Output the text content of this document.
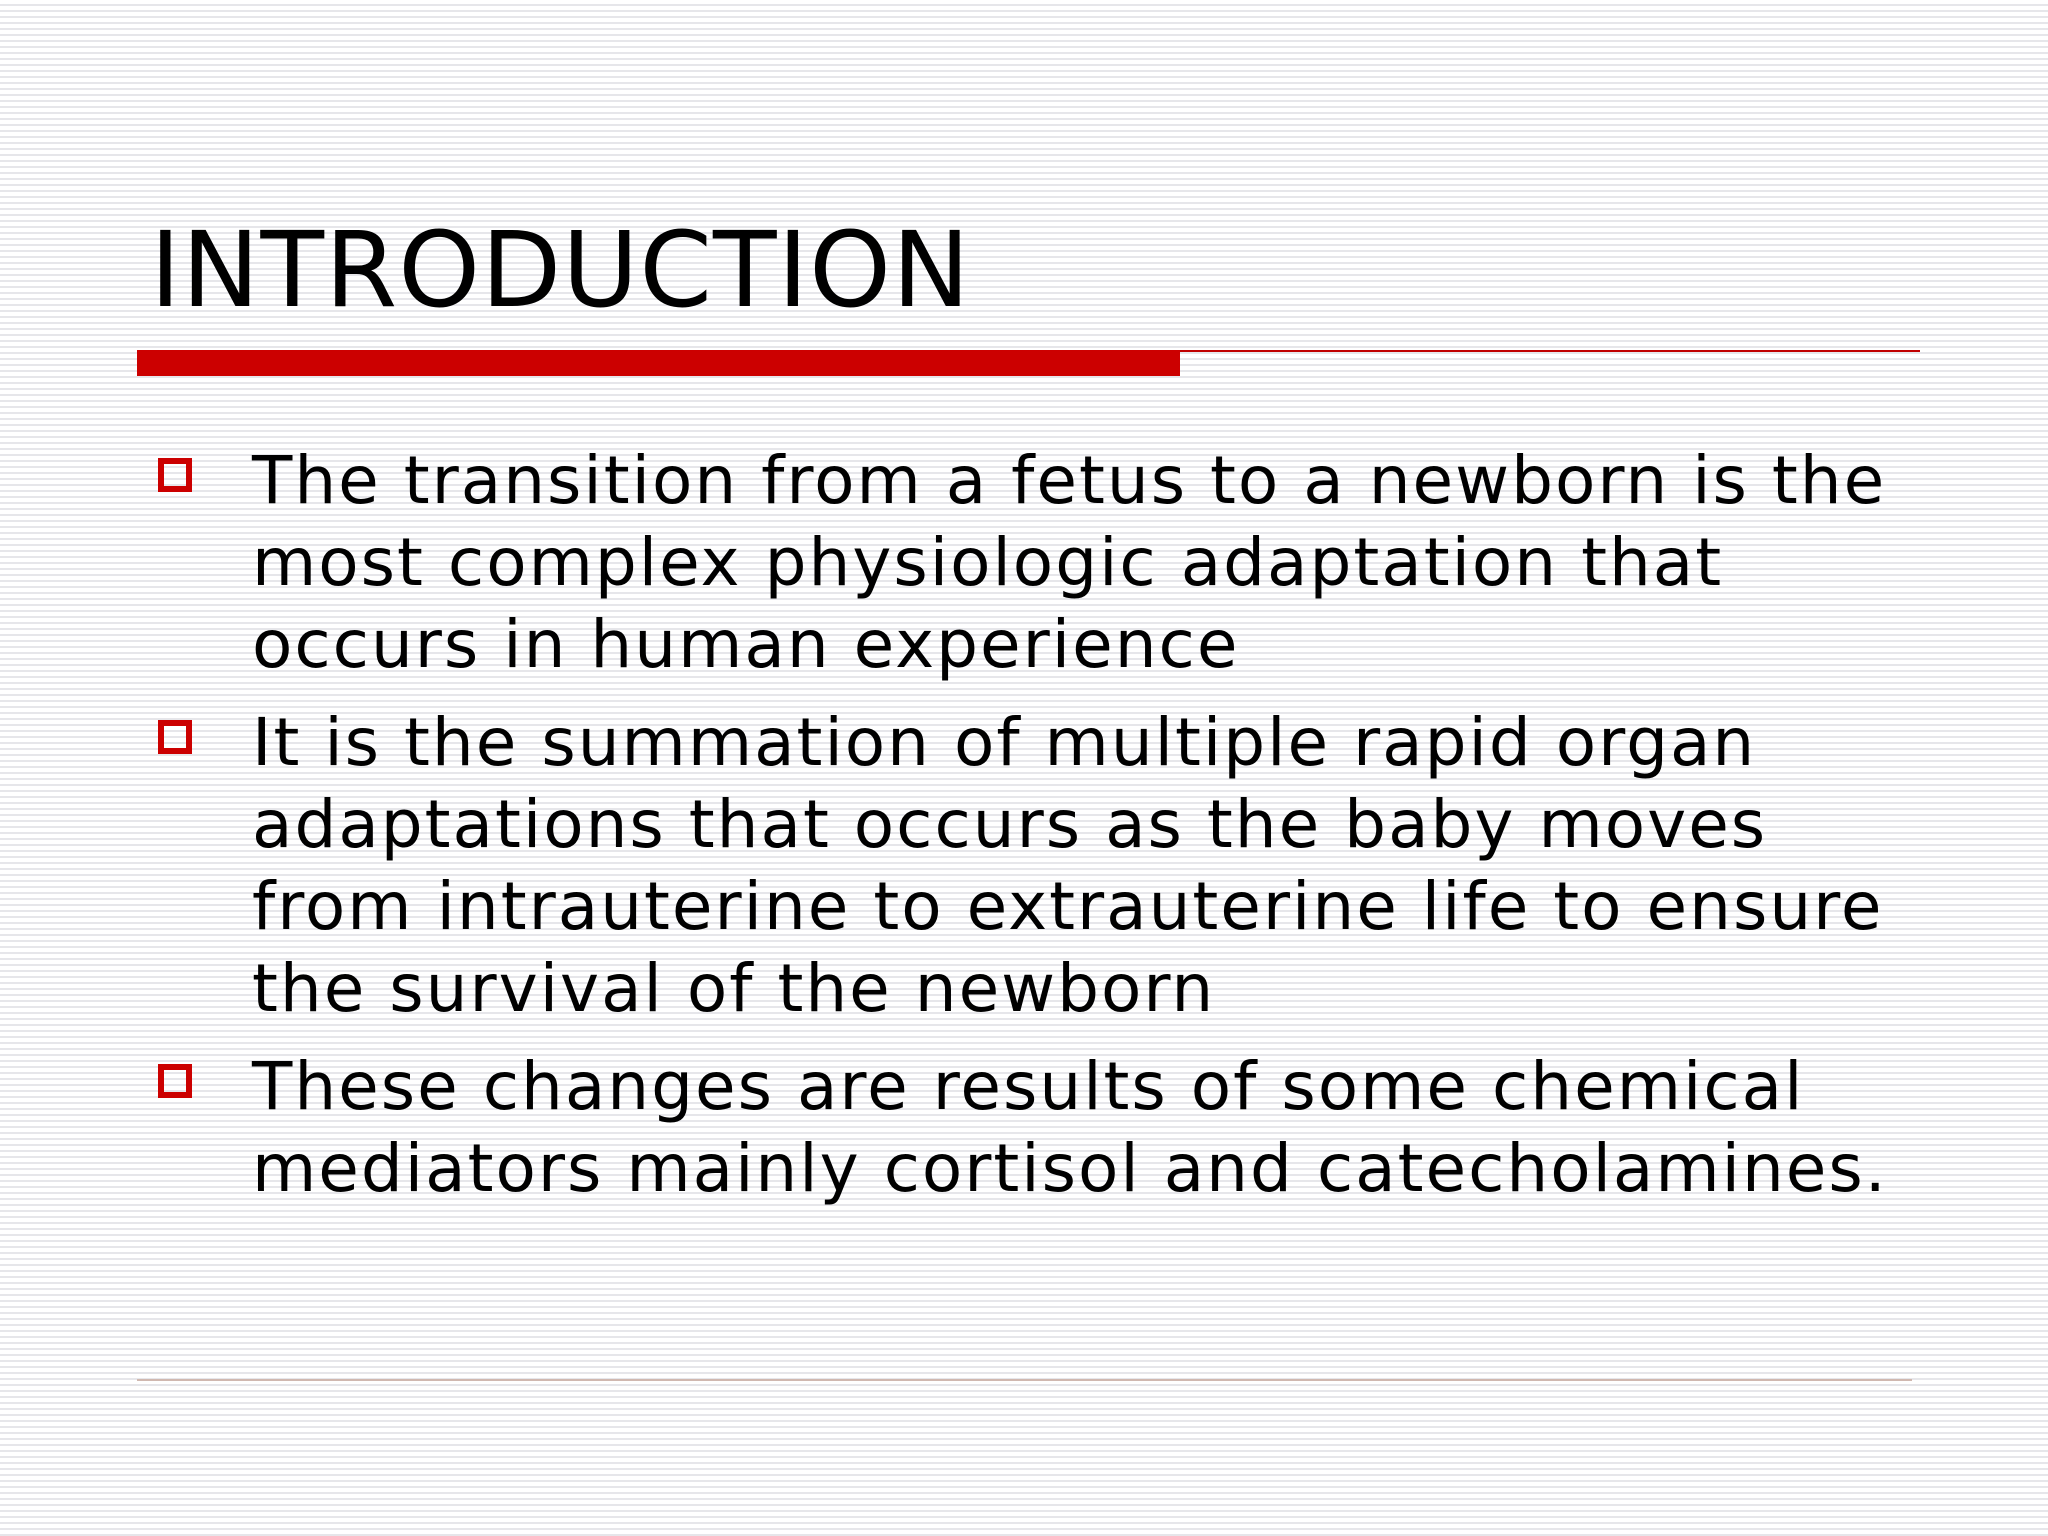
INTRODUCTION
The transition from a fetus to a newborn is the most complex physiologic adaptation that occurs in human experience
It is the summation of multiple rapid organ adaptations that occurs as the baby moves from intrauterine to extrauterine life to ensure the survival of the newborn
These changes are results of some chemical mediators mainly cortisol and catecholamines.
